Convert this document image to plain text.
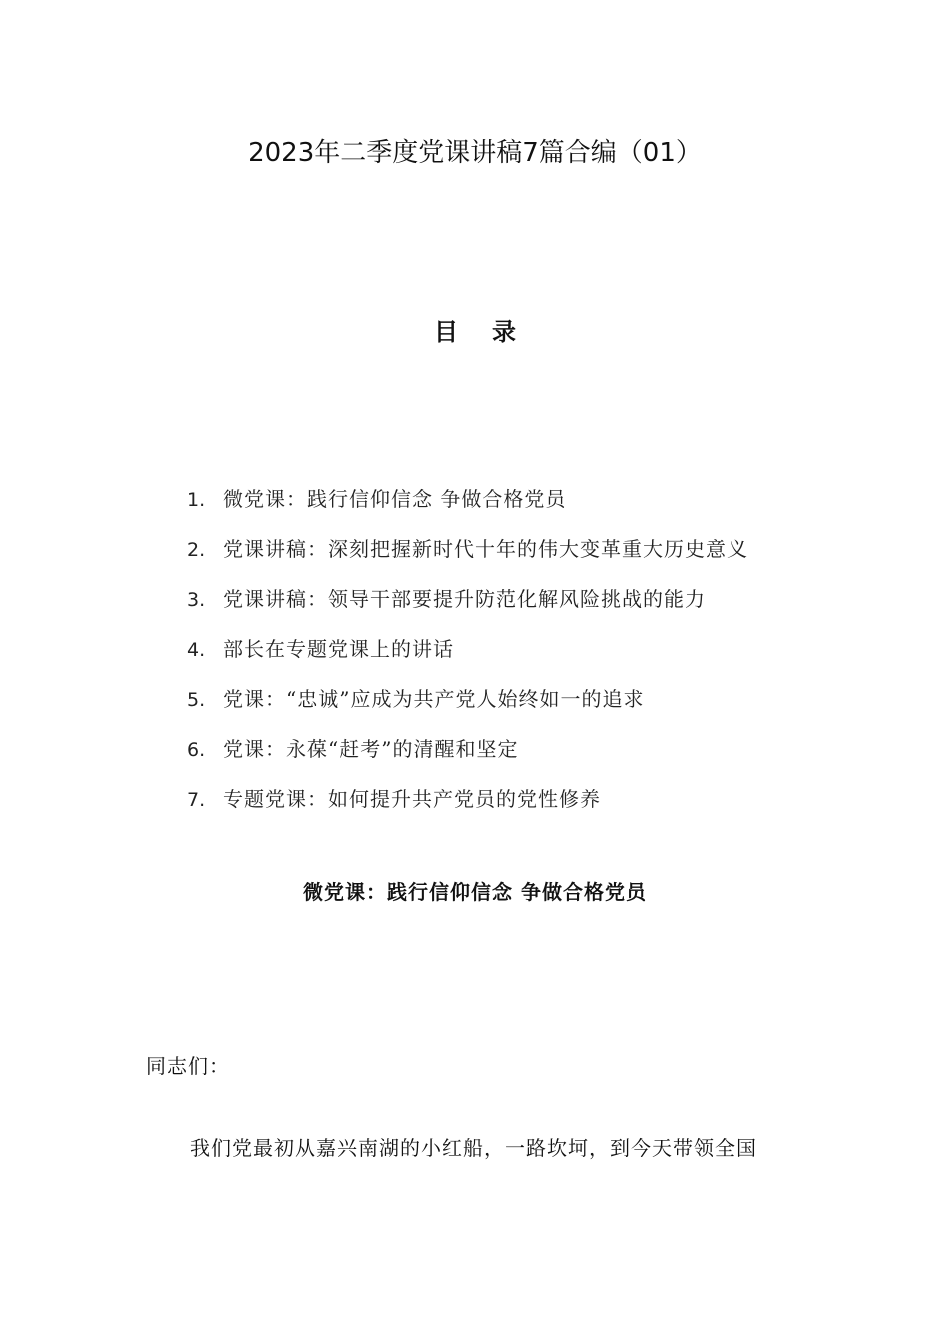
2023年二季度党课讲稿7篇合编（01）
目 录
1. 微党课：践行信仰信念 争做合格党员
2. 党课讲稿：深刻把握新时代十年的伟大变革重大历史意义
3. 党课讲稿：领导干部要提升防范化解风险挑战的能力
4. 部长在专题党课上的讲话
5. 党课：“忠诚”应成为共产党人始终如一的追求
6. 党课：永葆“赶考”的清醒和坚定
7. 专题党课：如何提升共产党员的党性修养
微党课：践行信仰信念 争做合格党员
同志们：
我们党最初从嘉兴南湖的小红船，一路坎坷，到今天带领全国
